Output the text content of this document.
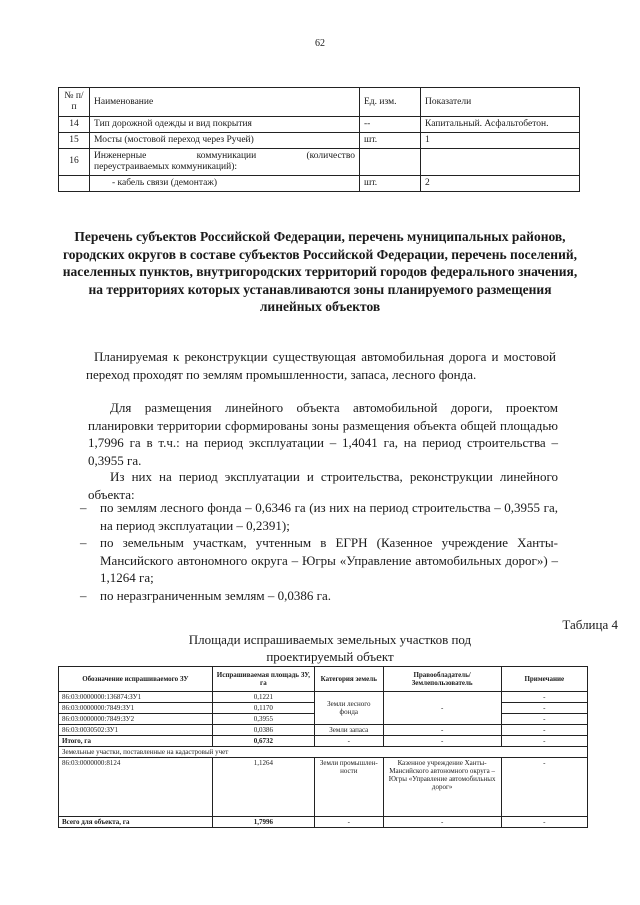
62
№ п/п	Наименование	Ед. изм.	Показатели
14	Тип дорожной одежды и вид покрытия	--	Капитальный. Асфальтобетон.
15	Мосты (мостовой переход через Ручей)	шт.	1
16	Инженерные коммуникации (количество
переустраиваемых коммуникаций):		

	- кабель связи (демонтаж)	шт.	2
Перечень субъектов Российской Федерации, перечень муниципальных районов, городских округов в составе субъектов Российской Федерации, перечень поселений, населенных пунктов, внутригородских территорий городов федерального значения, на территориях которых устанавливаются зоны планируемого размещения линейных объектов
Планируемая к реконструкции существующая автомобильная дорога и мостовой переход проходят по землям промышленности, запаса, лесного фонда.
Для размещения линейного объекта автомобильной дороги, проектом планировки территории сформированы зоны размещения объекта общей площадью 1,7996 га в т.ч.: на период эксплуатации – 1,4041 га, на период строительства – 0,3955 га.
Из них на период эксплуатации и строительства, реконструкции линейного объекта:
– по землям лесного фонда – 0,6346 га (из них на период строительства – 0,3955 га, на период эксплуатации – 0,2391);
– по земельным участкам, учтенным в ЕГРН (Казенное учреждение Ханты-Мансийского автономного округа – Югры «Управление автомобильных дорог») – 1,1264 га;
– по неразграниченным землям – 0,0386 га.
Таблица 4
Площади испрашиваемых земельных участков под
проектируемый объект
Обозначение испрашиваемого ЗУ	Испрашиваемая площадь ЗУ, га	Категория земель	Правообладатель/ Землепользователь	Примечание
86:03:0000000:136874:ЗУ1	0,1221	Земли лесного фонда	-	-
86:03:0000000:7849:ЗУ1	0,1170			-
86:03:0000000:7849:ЗУ2	0,3955			-
86:03:0030502:ЗУ1	0,0386	Земли запаса	-	-
Итого, га	0,6732	-	-	-
Земельные участки, поставленные на кадастровый учет				
86:03:0000000:8124	1,1264	Земли промышлен-ности	Казенное учреждение Ханты-Мансийского автономного округа – Югры «Управление автомобильных дорог»	-
Всего для объекта, га	1,7996	-	-	-
